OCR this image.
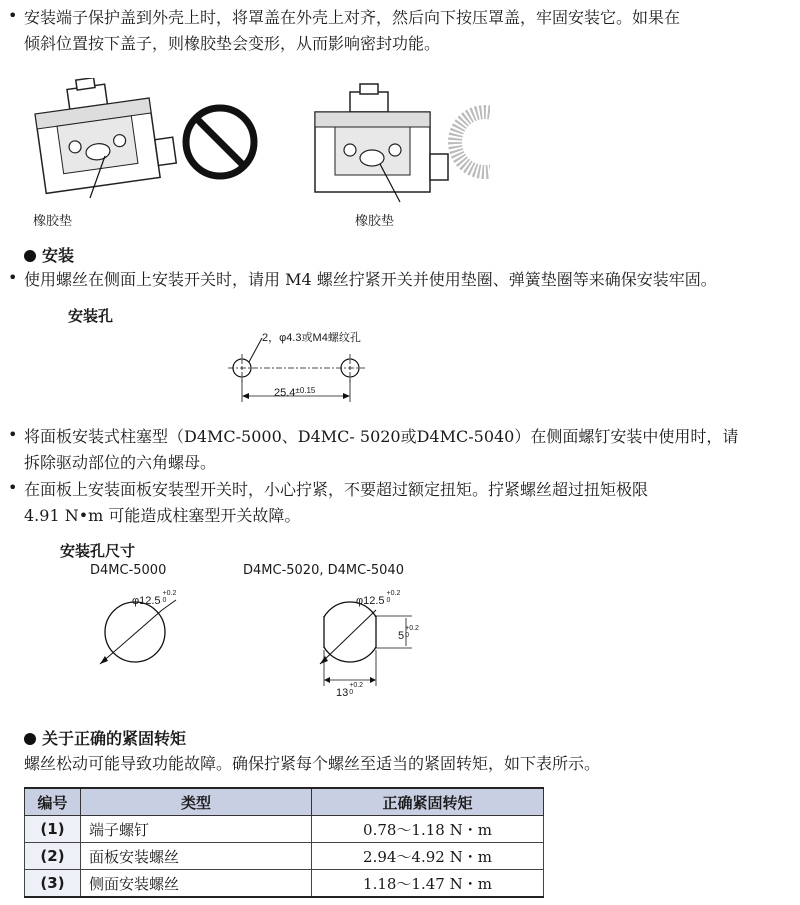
• 安装端子保护盖到外壳上时，将罩盖在外壳上对齐，然后向下按压罩盖，牢固安装它。如果在
倾斜位置按下盖子，则橡胶垫会变形，从而影响密封功能。
橡胶垫	橡胶垫
安装
• 使用螺丝在侧面上安装开关时，请用 M4 螺丝拧紧开关并使用垫圈、弹簧垫圈等来确保安装牢固。
安装孔
2，φ4.3或M4螺纹孔
$25.4^{\pm 0.15}$
• 将面板安装式柱塞型（D4MC-5000、D4MC- 5020或D4MC-5040）在侧面螺钉安装中使用时，请
拆除驱动部位的六角螺母。
• 在面板上安装面板安装型开关时，小心拧紧，不要超过额定扭矩。拧紧螺丝超过扭矩极限
4.91 N•m 可能造成柱塞型开关故障。
安装孔尺寸
D4MC-5000	D4MC-5020, D4MC-5040
φ12.5+0.2
0	φ12.5+0.2
0
5+0.2
0
13+0.2
0
关于正确的紧固转矩
螺丝松动可能导致功能故障。确保拧紧每个螺丝至适当的紧固转矩，如下表所示。
编号	类型	正确紧固转矩
(1)	端子螺钉	0.78～1.18 N・m
(2)	面板安装螺丝	2.94～4.92 N・m
(3)	侧面安装螺丝	1.18～1.47 N・m
